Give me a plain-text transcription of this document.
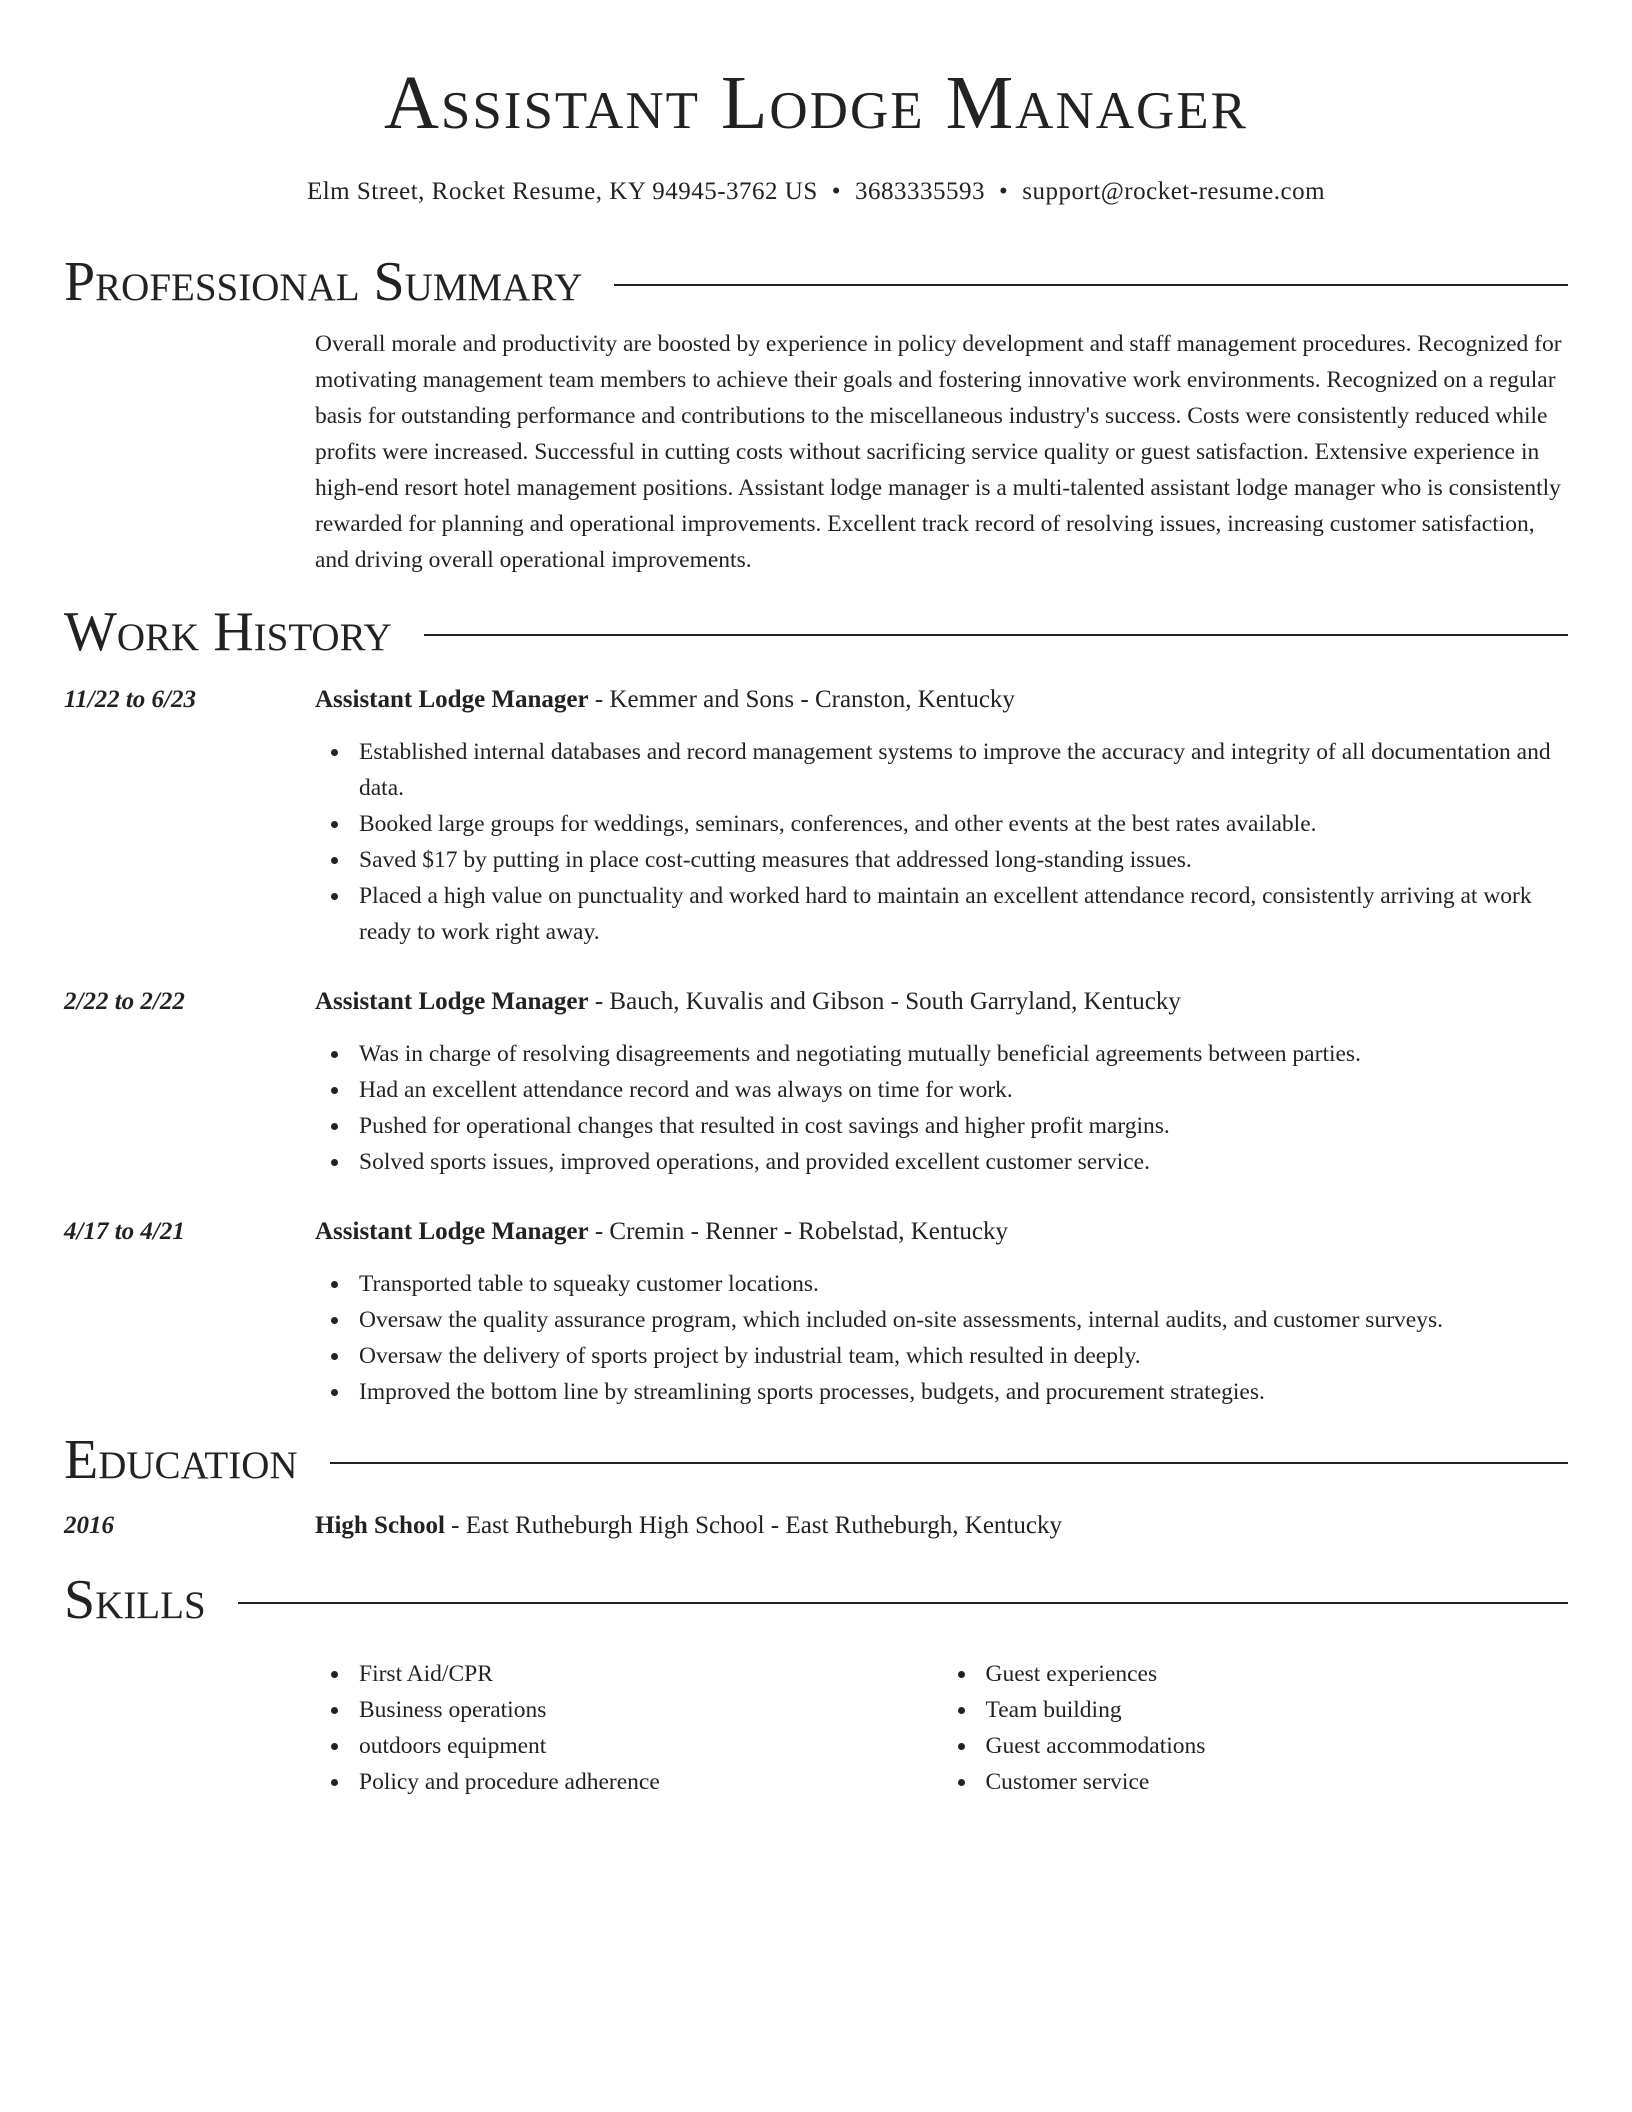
Assistant Lodge Manager
Elm Street, Rocket Resume, KY 94945-3762 US • 3683335593 • support@rocket-resume.com
Professional Summary
Overall morale and productivity are boosted by experience in policy development and staff management procedures. Recognized for motivating management team members to achieve their goals and fostering innovative work environments. Recognized on a regular basis for outstanding performance and contributions to the miscellaneous industry's success. Costs were consistently reduced while profits were increased. Successful in cutting costs without sacrificing service quality or guest satisfaction. Extensive experience in high-end resort hotel management positions. Assistant lodge manager is a multi-talented assistant lodge manager who is consistently rewarded for planning and operational improvements. Excellent track record of resolving issues, increasing customer satisfaction, and driving overall operational improvements.
Work History
11/22 to 6/23	Assistant Lodge Manager - Kemmer and Sons - Cranston, Kentucky
Established internal databases and record management systems to improve the accuracy and integrity of all documentation and data.
Booked large groups for weddings, seminars, conferences, and other events at the best rates available.
Saved $17 by putting in place cost-cutting measures that addressed long-standing issues.
Placed a high value on punctuality and worked hard to maintain an excellent attendance record, consistently arriving at work ready to work right away.
2/22 to 2/22	Assistant Lodge Manager - Bauch, Kuvalis and Gibson - South Garryland, Kentucky
Was in charge of resolving disagreements and negotiating mutually beneficial agreements between parties.
Had an excellent attendance record and was always on time for work.
Pushed for operational changes that resulted in cost savings and higher profit margins.
Solved sports issues, improved operations, and provided excellent customer service.
4/17 to 4/21	Assistant Lodge Manager - Cremin - Renner - Robelstad, Kentucky
Transported table to squeaky customer locations.
Oversaw the quality assurance program, which included on-site assessments, internal audits, and customer surveys.
Oversaw the delivery of sports project by industrial team, which resulted in deeply.
Improved the bottom line by streamlining sports processes, budgets, and procurement strategies.
Education
2016	High School - East Rutheburgh High School - East Rutheburgh, Kentucky
Skills
First Aid/CPR
Business operations
outdoors equipment
Policy and procedure adherence
Guest experiences
Team building
Guest accommodations
Customer service
